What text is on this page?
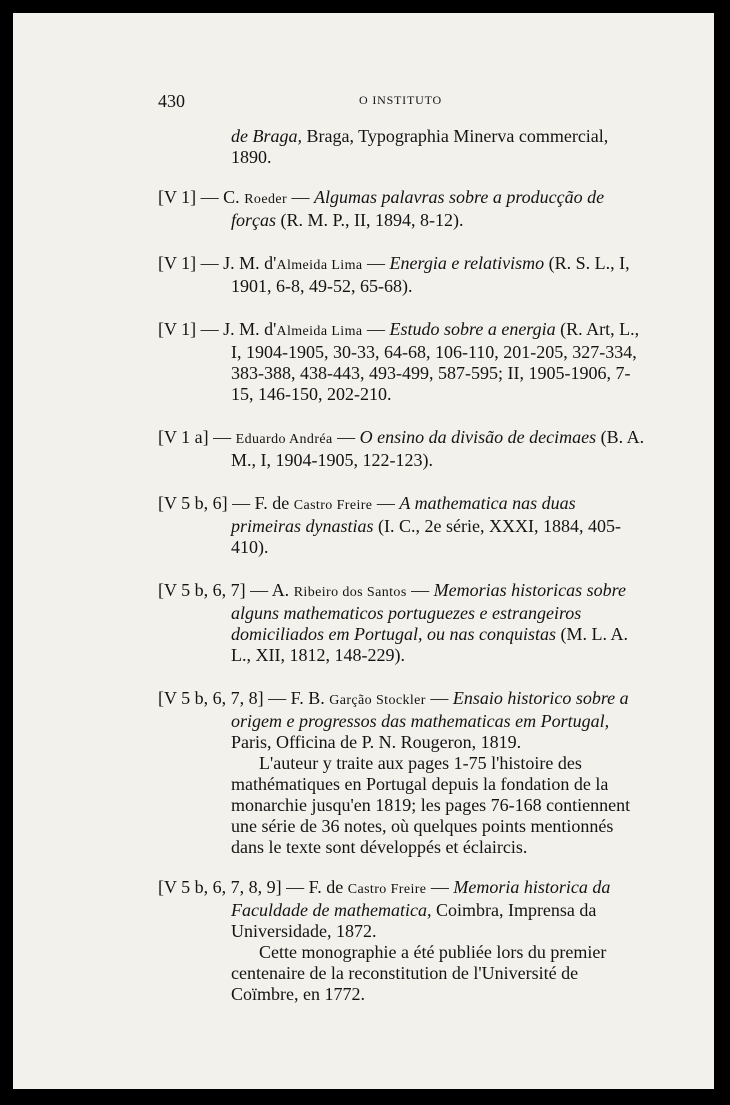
430	O INSTITUTO

de Braga, Braga, Typographia Minerva commercial, 1890.

[V 1] — C. Roeder — Algumas palavras sobre a producção de forças (R. M. P., II, 1894, 8-12).

[V 1] — J. M. d'Almeida Lima — Energia e relativismo (R. S. L., I, 1901, 6-8, 49-52, 65-68).

[V 1] — J. M. d'Almeida Lima — Estudo sobre a energia (R. Art, L., I, 1904-1905, 30-33, 64-68, 106-110, 201-205, 327-334, 383-388, 438-443, 493-499, 587-595; II, 1905-1906, 7-15, 146-150, 202-210.

[V 1 a] — Eduardo Andréa — O ensino da divisão de decimaes (B. A. M., I, 1904-1905, 122-123).

[V 5 b, 6] — F. de Castro Freire — A mathematica nas duas primeiras dynastias (I. C., 2e série, XXXI, 1884, 405-410).

[V 5 b, 6, 7] — A. Ribeiro dos Santos — Memorias historicas sobre alguns mathematicos portuguezes e estrangeiros domiciliados em Portugal, ou nas conquistas (M. L. A. L., XII, 1812, 148-229).

[V 5 b, 6, 7, 8] — F. B. Garção Stockler — Ensaio historico sobre a origem e progressos das mathematicas em Portugal, Paris, Officina de P. N. Rougeron, 1819.

L'auteur y traite aux pages 1-75 l'histoire des mathématiques en Portugal depuis la fondation de la monarchie jusqu'en 1819; les pages 76-168 contiennent une série de 36 notes, où quelques points mentionnés dans le texte sont développés et éclaircis.

[V 5 b, 6, 7, 8, 9] — F. de Castro Freire — Memoria historica da Faculdade de mathematica, Coimbra, Imprensa da Universidade, 1872.

Cette monographie a été publiée lors du premier centenaire de la reconstitution de l'Université de Coïmbre, en 1772.
